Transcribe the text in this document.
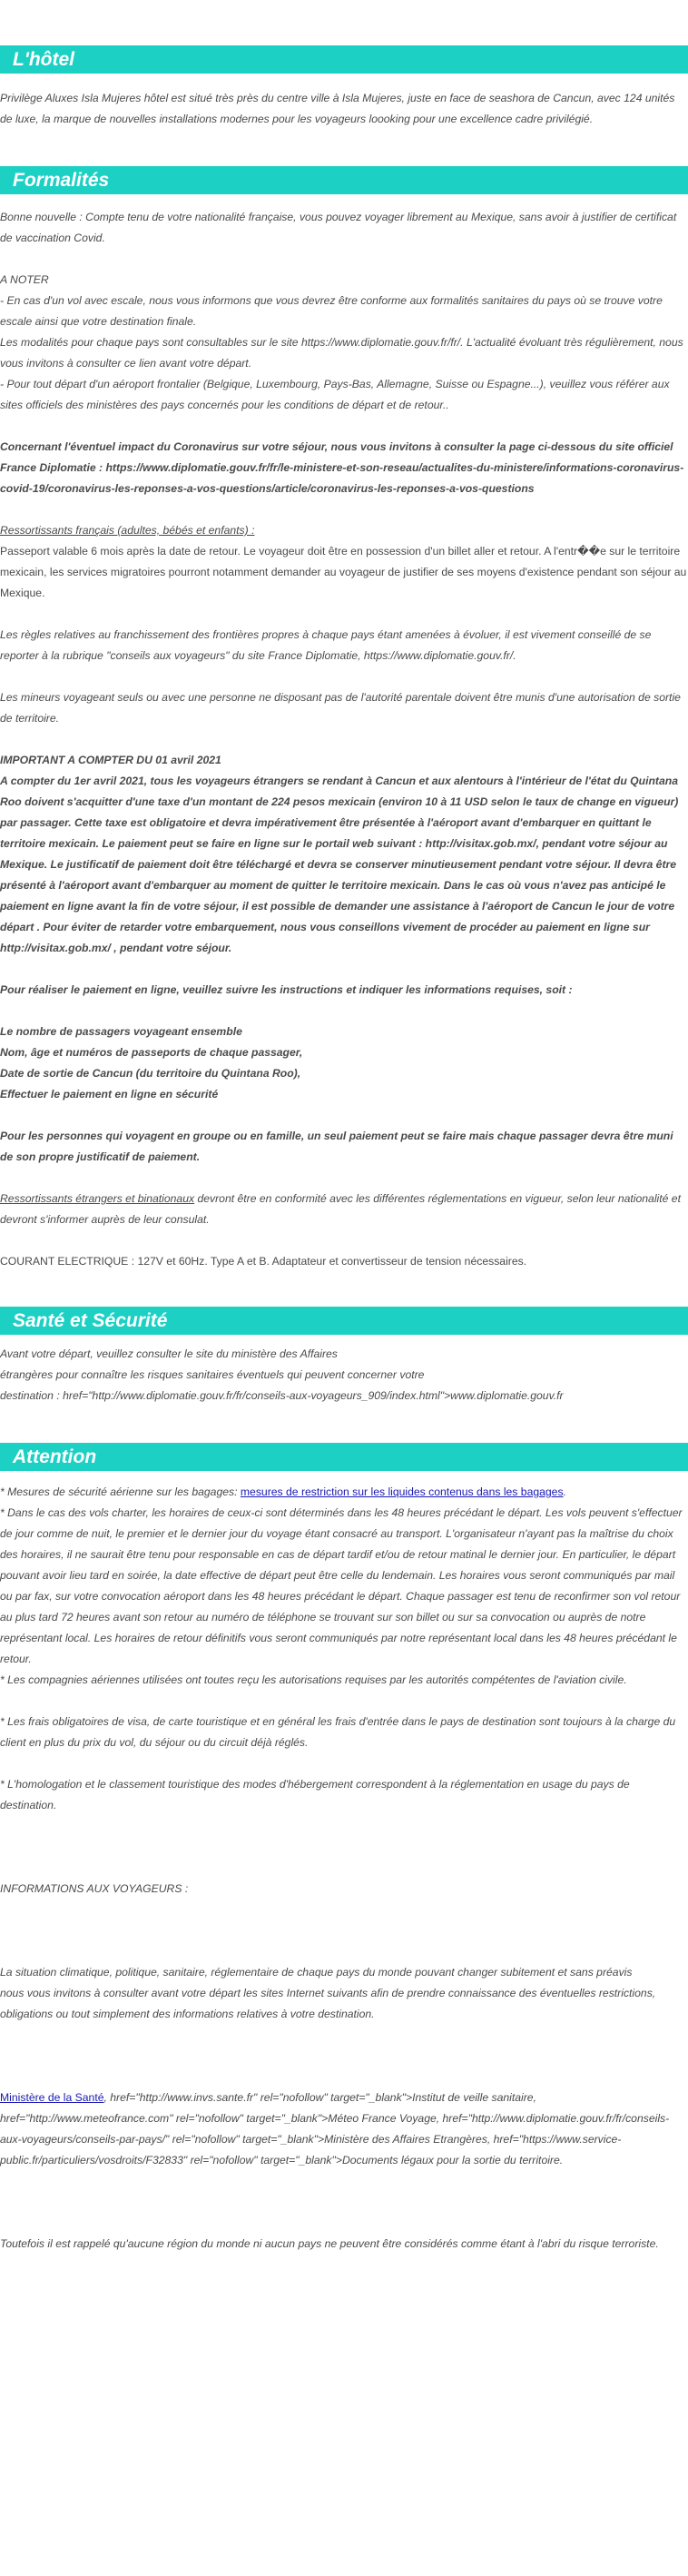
L'hôtel

Privilège Aluxes Isla Mujeres hôtel est situé très près du centre ville à Isla Mujeres, juste en face de seashora de Cancun, avec 124 unités de luxe, la marque de nouvelles installations modernes pour les voyageurs loooking pour une excellence cadre privilégié.

Formalités

Bonne nouvelle : Compte tenu de votre nationalité française, vous pouvez voyager librement au Mexique, sans avoir à justifier de certificat de vaccination Covid.

A NOTER

- En cas d'un vol avec escale, nous vous informons que vous devrez être conforme aux formalités sanitaires du pays où se trouve votre escale ainsi que votre destination finale.

Les modalités pour chaque pays sont consultables sur le site https://www.diplomatie.gouv.fr/fr/. L'actualité évoluant très régulièrement, nous vous invitons à consulter ce lien avant votre départ.

- Pour tout départ d'un aéroport frontalier (Belgique, Luxembourg, Pays-Bas, Allemagne, Suisse ou Espagne...), veuillez vous référer aux sites officiels des ministères des pays concernés pour les conditions de départ et de retour..

Concernant l'éventuel impact du Coronavirus sur votre séjour, nous vous invitons à consulter la page ci-dessous du site officiel France Diplomatie : https://www.diplomatie.gouv.fr/fr/le-ministere-et-son-reseau/actualites-du-ministere/informations-coronavirus-covid-19/coronavirus-les-reponses-a-vos-questions/article/coronavirus-les-reponses-a-vos-questions

Ressortissants français (adultes, bébés et enfants) :

Passeport valable 6 mois après la date de retour. Le voyageur doit être en possession d'un billet aller et retour. A l'entr��e sur le territoire mexicain, les services migratoires pourront notamment demander au voyageur de justifier de ses moyens d'existence pendant son séjour au Mexique.

Les règles relatives au franchissement des frontières propres à chaque pays étant amenées à évoluer, il est vivement conseillé de se reporter à la rubrique "conseils aux voyageurs" du site France Diplomatie, https://www.diplomatie.gouv.fr/.

Les mineurs voyageant seuls ou avec une personne ne disposant pas de l'autorité parentale doivent être munis d'une autorisation de sortie de territoire.

IMPORTANT A COMPTER DU 01 avril 2021

A compter du 1er avril 2021, tous les voyageurs étrangers se rendant à Cancun et aux alentours à l'intérieur de l'état du Quintana Roo doivent s'acquitter d'une taxe d'un montant de 224 pesos mexicain (environ 10 à 11 USD selon le taux de change en vigueur) par passager. Cette taxe est obligatoire et devra impérativement être présentée à l'aéroport avant d'embarquer en quittant le territoire mexicain. Le paiement peut se faire en ligne sur le portail web suivant : http://visitax.gob.mx/, pendant votre séjour au Mexique. Le justificatif de paiement doit être téléchargé et devra se conserver minutieusement pendant votre séjour. Il devra être présenté à l'aéroport avant d'embarquer au moment de quitter le territoire mexicain. Dans le cas où vous n'avez pas anticipé le paiement en ligne avant la fin de votre séjour, il est possible de demander une assistance à l'aéroport de Cancun le jour de votre départ . Pour éviter de retarder votre embarquement, nous vous conseillons vivement de procéder au paiement en ligne sur http://visitax.gob.mx/ , pendant votre séjour.

Pour réaliser le paiement en ligne, veuillez suivre les instructions et indiquer les informations requises, soit :

Le nombre de passagers voyageant ensemble

Nom, âge et numéros de passeports de chaque passager,

Date de sortie de Cancun (du territoire du Quintana Roo),

Effectuer le paiement en ligne en sécurité

Pour les personnes qui voyagent en groupe ou en famille, un seul paiement peut se faire mais chaque passager devra être muni de son propre justificatif de paiement.

Ressortissants étrangers et binationaux devront être en conformité avec les différentes réglementations en vigueur, selon leur nationalité et devront s'informer auprès de leur consulat.

COURANT ELECTRIQUE : 127V et 60Hz. Type A et B. Adaptateur et convertisseur de tension nécessaires.

Santé et Sécurité

Avant votre départ, veuillez consulter le site du ministère des Affaires

étrangères pour connaître les risques sanitaires éventuels qui peuvent concerner votre

destination : href="http://www.diplomatie.gouv.fr/fr/conseils-aux-voyageurs_909/index.html">www.diplomatie.gouv.fr

Attention

* Mesures de sécurité aérienne sur les bagages: mesures de restriction sur les liquides contenus dans les bagages.

* Dans le cas des vols charter, les horaires de ceux-ci sont déterminés dans les 48 heures précédant le départ. Les vols peuvent s'effectuer de jour comme de nuit, le premier et le dernier jour du voyage étant consacré au transport. L'organisateur n'ayant pas la maîtrise du choix des horaires, il ne saurait être tenu pour responsable en cas de départ tardif et/ou de retour matinal le dernier jour. En particulier, le départ pouvant avoir lieu tard en soirée, la date effective de départ peut être celle du lendemain. Les horaires vous seront communiqués par mail ou par fax, sur votre convocation aéroport dans les 48 heures précédant le départ. Chaque passager est tenu de reconfirmer son vol retour au plus tard 72 heures avant son retour au numéro de téléphone se trouvant sur son billet ou sur sa convocation ou auprès de notre représentant local. Les horaires de retour définitifs vous seront communiqués par notre représentant local dans les 48 heures précédant le retour.

* Les compagnies aériennes utilisées ont toutes reçu les autorisations requises par les autorités compétentes de l'aviation civile.

* Les frais obligatoires de visa, de carte touristique et en général les frais d'entrée dans le pays de destination sont toujours à la charge du client en plus du prix du vol, du séjour ou du circuit déjà réglés.

* L'homologation et le classement touristique des modes d'hébergement correspondent à la réglementation en usage du pays de destination.

INFORMATIONS AUX VOYAGEURS :

La situation climatique, politique, sanitaire, réglementaire de chaque pays du monde pouvant changer subitement et sans préavis

nous vous invitons à consulter avant votre départ les sites Internet suivants afin de prendre connaissance des éventuelles restrictions, obligations ou tout simplement des informations relatives à votre destination.

Ministère de la Santé, href="http://www.invs.sante.fr" rel="nofollow" target="_blank">Institut de veille sanitaire, href="http://www.meteofrance.com" rel="nofollow" target="_blank">Méteo France Voyage, href="http://www.diplomatie.gouv.fr/fr/conseils-aux-voyageurs/conseils-par-pays/" rel="nofollow" target="_blank">Ministère des Affaires Etrangères, href="https://www.service-public.fr/particuliers/vosdroits/F32833" rel="nofollow" target="_blank">Documents légaux pour la sortie du territoire.

Toutefois il est rappelé qu'aucune région du monde ni aucun pays ne peuvent être considérés comme étant à l'abri du risque terroriste.
